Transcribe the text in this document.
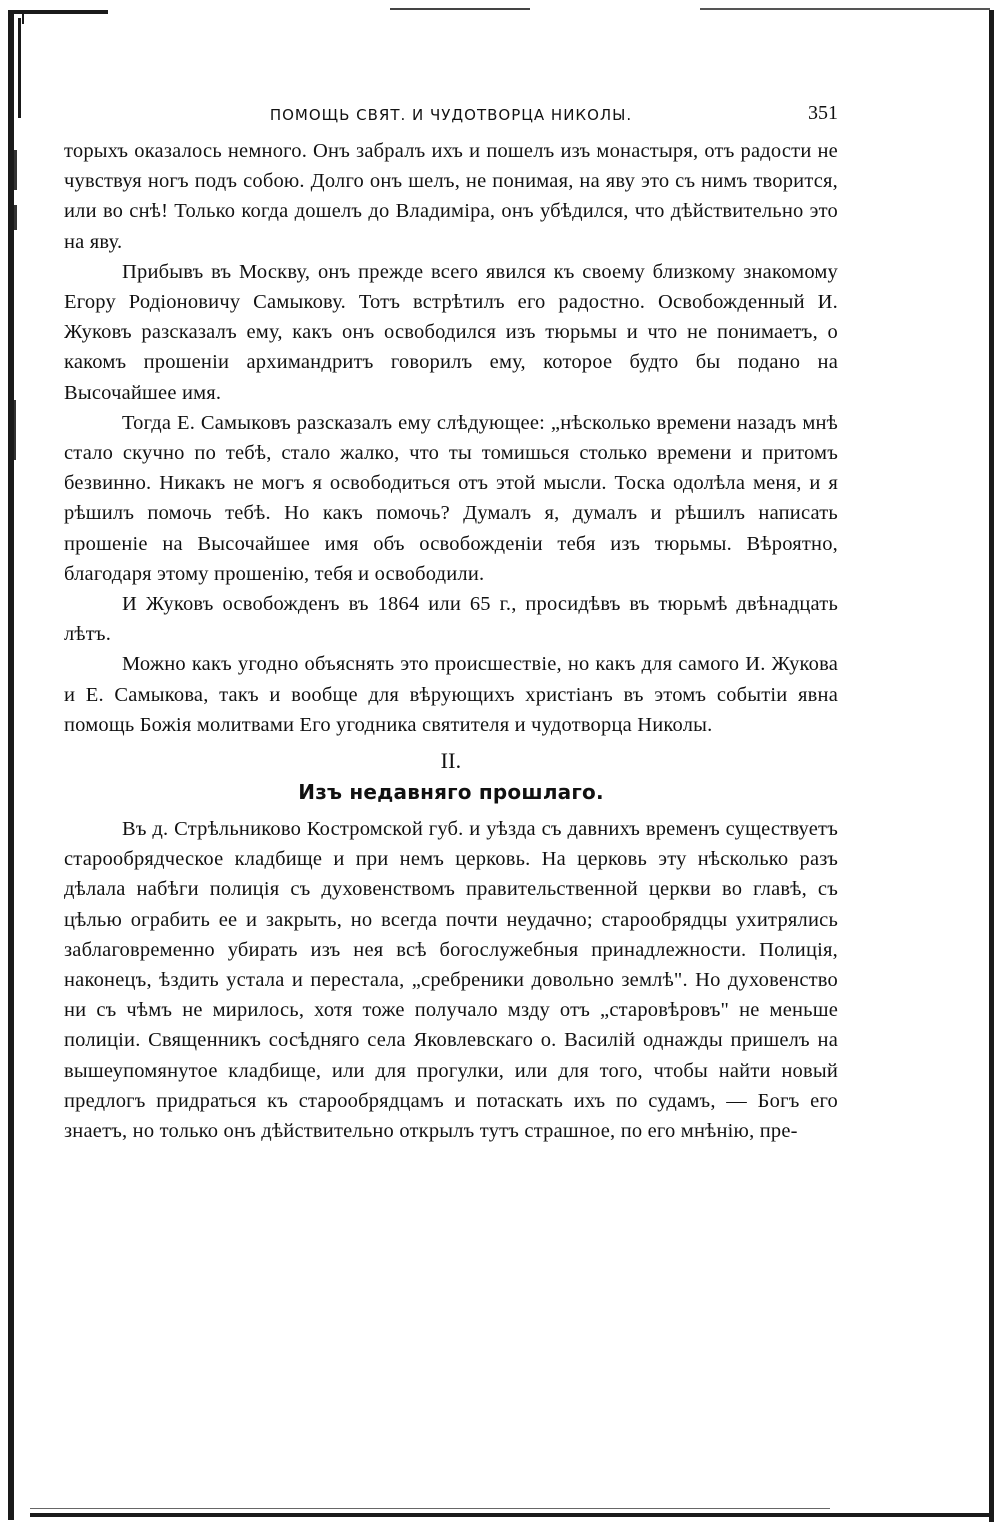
ПОМОЩЬ СВЯТ. И ЧУДОТВОРЦА НИКОЛЫ.	351

торыхъ оказалось немного. Онъ забралъ ихъ и пошелъ изъ монастыря, отъ радости не чувствуя ногъ подъ собою. Долго онъ шелъ, не понимая, на яву это съ нимъ творится, или во снѣ! Только когда дошелъ до Владиміра, онъ убѣдился, что дѣйствительно это на яву.

Прибывъ въ Москву, онъ прежде всего явился къ своему близкому знакомому Егору Родіоновичу Самыкову. Тотъ встрѣтилъ его радостно. Освобожденный И. Жуковъ разсказалъ ему, какъ онъ освободился изъ тюрьмы и что не понимаетъ, о какомъ прошеніи архимандритъ говорилъ ему, которое будто бы подано на Высочайшее имя.

Тогда Е. Самыковъ разсказалъ ему слѣдующее: „нѣсколько времени назадъ мнѣ стало скучно по тебѣ, стало жалко, что ты томишься столько времени и притомъ безвинно. Никакъ не могъ я освободиться отъ этой мысли. Тоска одолѣла меня, и я рѣшилъ помочь тебѣ. Но какъ помочь? Думалъ я, думалъ и рѣшилъ написать прошеніе на Высочайшее имя объ освобожденіи тебя изъ тюрьмы. Вѣроятно, благодаря этому прошенію, тебя и освободили.

И Жуковъ освобожденъ въ 1864 или 65 г., просидѣвъ въ тюрьмѣ двѣнадцать лѣтъ.

Можно какъ угодно объяснять это происшествіе, но какъ для самого И. Жукова и Е. Самыкова, такъ и вообще для вѣрующихъ христіанъ въ этомъ событіи явна помощь Божія молитвами Его угодника святителя и чудотворца Николы.

II.
Изъ недавняго прошлаго.

Въ д. Стрѣльниково Костромской губ. и уѣзда съ давнихъ временъ существуетъ старообрядческое кладбище и при немъ церковь. На церковь эту нѣсколько разъ дѣлала набѣги полиція съ духовенствомъ правительственной церкви во главѣ, съ цѣлью ограбить ее и закрыть, но всегда почти неудачно; старообрядцы ухитрялись заблаговременно убирать изъ нея всѣ богослужебныя принадлежности. Полиція, наконецъ, ѣздить устала и перестала, „сребреники довольно землѣ". Но духовенство ни съ чѣмъ не мирилось, хотя тоже получало мзду отъ „старовѣровъ" не меньше полиціи. Священникъ сосѣдняго села Яковлевскаго о. Василій однажды пришелъ на вышеупомянутое кладбище, или для прогулки, или для того, чтобы найти новый предлогъ придраться къ старообрядцамъ и потаскать ихъ по судамъ, — Богъ его знаетъ, но только онъ дѣйствительно открылъ тутъ страшное, по его мнѣнію, пре-
